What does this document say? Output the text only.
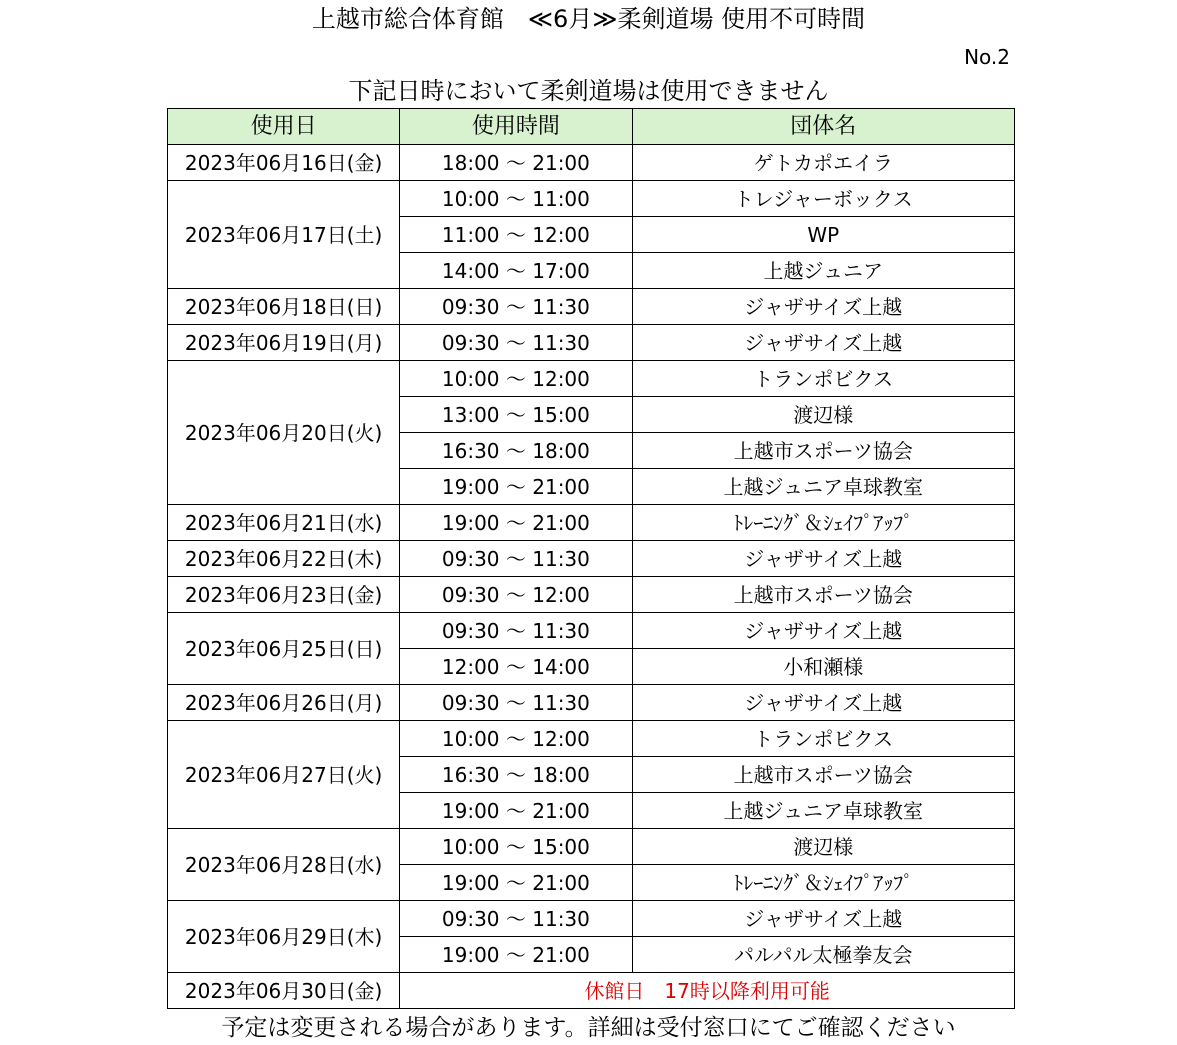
上越市総合体育館　≪6月≫柔剣道場 使用不可時間
No.2
下記日時において柔剣道場は使用できません
使用日	使用時間	団体名
2023年06月16日(金)	18:00 ～ 21:00	ゲトカポエイラ
2023年06月17日(土)	10:00 ～ 11:00	トレジャーボックス
	11:00 ～ 12:00	WP
	14:00 ～ 17:00	上越ジュニア
2023年06月18日(日)	09:30 ～ 11:30	ジャザサイズ上越
2023年06月19日(月)	09:30 ～ 11:30	ジャザサイズ上越
2023年06月20日(火)	10:00 ～ 12:00	トランポビクス
	13:00 ～ 15:00	渡辺様
	16:30 ～ 18:00	上越市スポーツ協会
	19:00 ～ 21:00	上越ジュニア卓球教室
2023年06月21日(水)	19:00 ～ 21:00	ﾄﾚｰﾆﾝｸﾞ＆ｼｪｲﾌﾟｱｯﾌﾟ
2023年06月22日(木)	09:30 ～ 11:30	ジャザサイズ上越
2023年06月23日(金)	09:30 ～ 12:00	上越市スポーツ協会
2023年06月25日(日)	09:30 ～ 11:30	ジャザサイズ上越
	12:00 ～ 14:00	小和瀬様
2023年06月26日(月)	09:30 ～ 11:30	ジャザサイズ上越
2023年06月27日(火)	10:00 ～ 12:00	トランポビクス
	16:30 ～ 18:00	上越市スポーツ協会
	19:00 ～ 21:00	上越ジュニア卓球教室
2023年06月28日(水)	10:00 ～ 15:00	渡辺様
	19:00 ～ 21:00	ﾄﾚｰﾆﾝｸﾞ＆ｼｪｲﾌﾟｱｯﾌﾟ
2023年06月29日(木)	09:30 ～ 11:30	ジャザサイズ上越
	19:00 ～ 21:00	パルパル太極拳友会
2023年06月30日(金)	休館日　17時以降利用可能	
予定は変更される場合があります。詳細は受付窓口にてご確認ください
